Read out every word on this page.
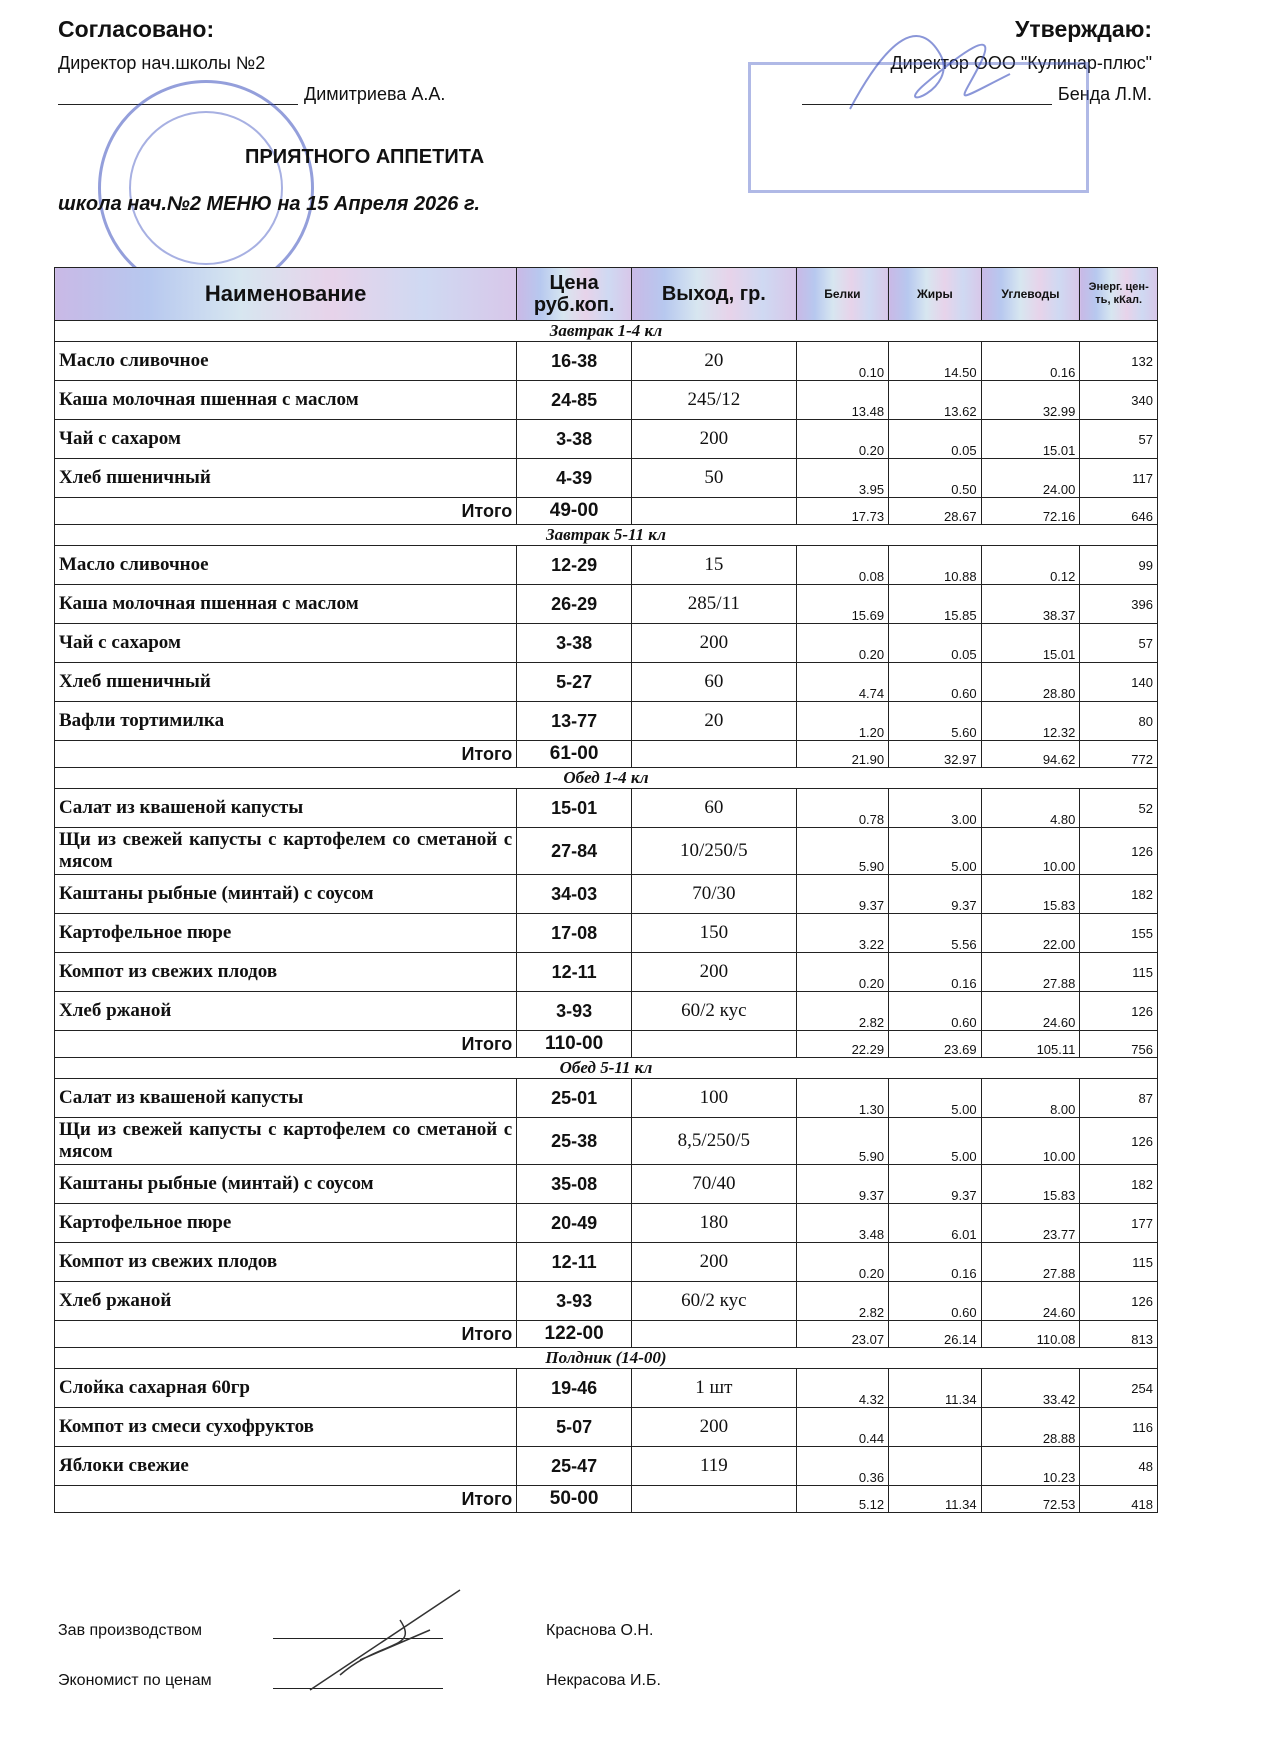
Согласовано:
Директор нач.школы №2
Димитриева А.А.
Утверждаю:
Директор ООО "Кулинар-плюс"
Бенда Л.М.
ПРИЯТНОГО АППЕТИТА
школа нач.№2 МЕНЮ на 15 Апреля 2026 г.
Наименование	Цена руб.коп.	Выход, гр.	Белки	Жиры	Углеводы	Энерг. цен-ть, кКал.
Завтрак 1-4 кл						
Масло сливочное	16-38	20	0.10	14.50	0.16	132
Каша молочная пшенная с маслом	24-85	245/12	13.48	13.62	32.99	340
Чай с сахаром	3-38	200	0.20	0.05	15.01	57
Хлеб пшеничный	4-39	50	3.95	0.50	24.00	117
Итого	49-00		17.73	28.67	72.16	646
Завтрак 5-11 кл						
Масло сливочное	12-29	15	0.08	10.88	0.12	99
Каша молочная пшенная с маслом	26-29	285/11	15.69	15.85	38.37	396
Чай с сахаром	3-38	200	0.20	0.05	15.01	57
Хлеб пшеничный	5-27	60	4.74	0.60	28.80	140
Вафли тортимилка	13-77	20	1.20	5.60	12.32	80
Итого	61-00		21.90	32.97	94.62	772
Обед 1-4 кл						
Салат из квашеной капусты	15-01	60	0.78	3.00	4.80	52
Щи из свежей капусты с картофелем со сметаной с мясом	27-84	10/250/5	5.90	5.00	10.00	126
Каштаны рыбные (минтай) с соусом	34-03	70/30	9.37	9.37	15.83	182
Картофельное пюре	17-08	150	3.22	5.56	22.00	155
Компот из свежих плодов	12-11	200	0.20	0.16	27.88	115
Хлеб ржаной	3-93	60/2 кус	2.82	0.60	24.60	126
Итого	110-00		22.29	23.69	105.11	756
Обед 5-11 кл						
Салат из квашеной капусты	25-01	100	1.30	5.00	8.00	87
Щи из свежей капусты с картофелем со сметаной с мясом	25-38	8,5/250/5	5.90	5.00	10.00	126
Каштаны рыбные (минтай) с соусом	35-08	70/40	9.37	9.37	15.83	182
Картофельное пюре	20-49	180	3.48	6.01	23.77	177
Компот из свежих плодов	12-11	200	0.20	0.16	27.88	115
Хлеб ржаной	3-93	60/2 кус	2.82	0.60	24.60	126
Итого	122-00		23.07	26.14	110.08	813
Полдник (14-00)						
Слойка сахарная 60гр	19-46	1 шт	4.32	11.34	33.42	254
Компот из смеси сухофруктов	5-07	200	0.44		28.88	116
Яблоки свежие	25-47	119	0.36		10.23	48
Итого	50-00		5.12	11.34	72.53	418
Зав производством	Краснова О.Н.
Экономист по ценам	Некрасова И.Б.
